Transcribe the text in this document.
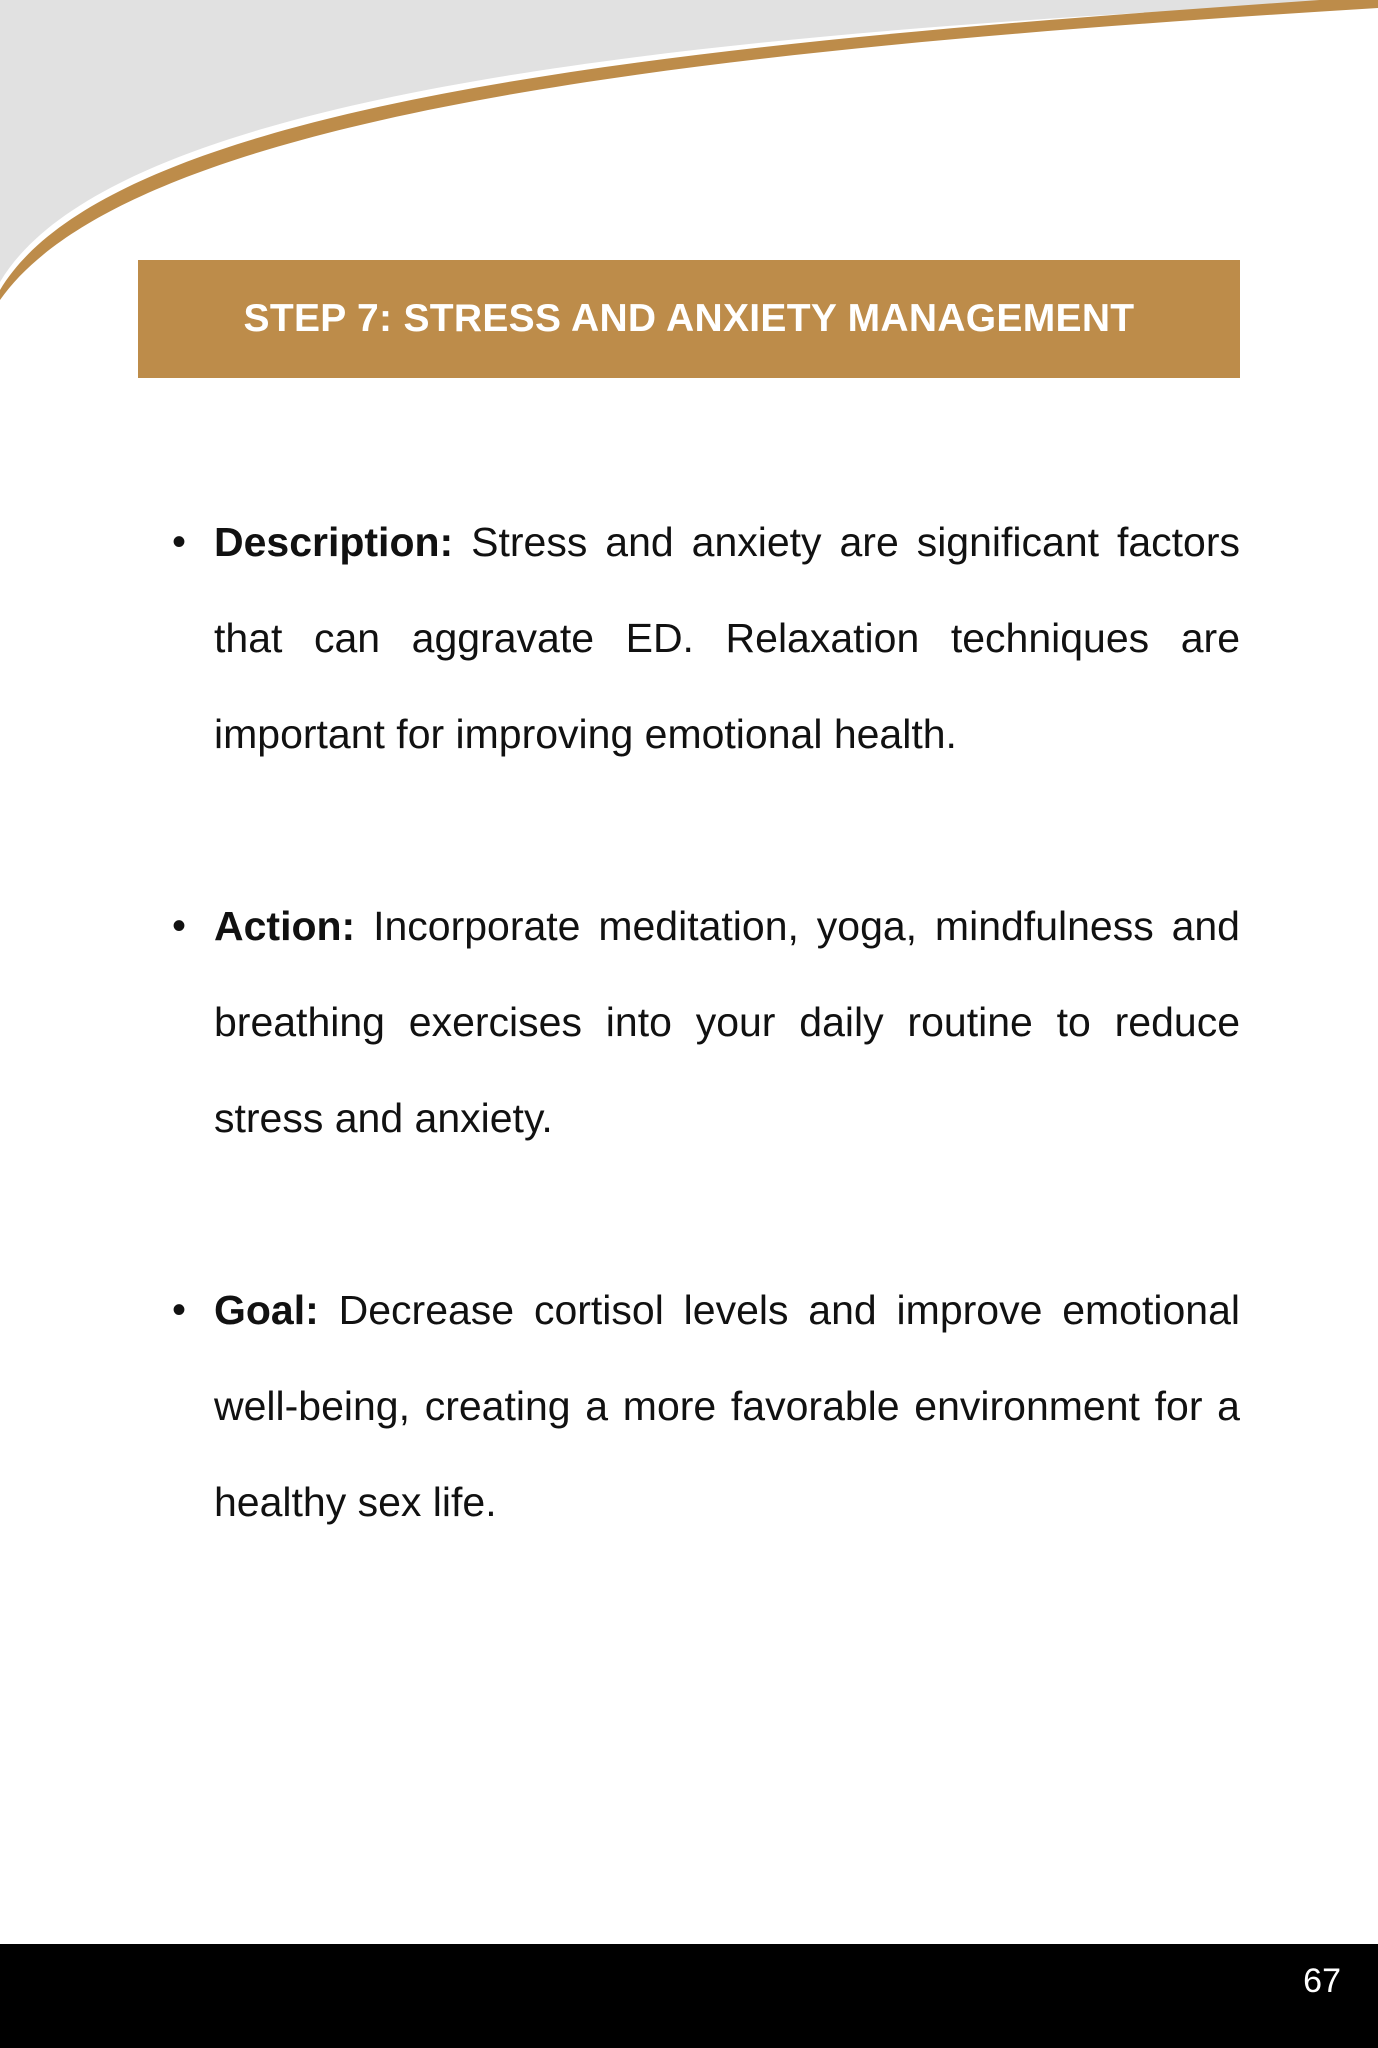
STEP 7: STRESS AND ANXIETY MANAGEMENT
• Description: Stress and anxiety are significant factors that can aggravate ED. Relaxation techniques are important for improving emotional health.
• Action: Incorporate meditation, yoga, mindfulness and breathing exercises into your daily routine to reduce stress and anxiety.
• Goal: Decrease cortisol levels and improve emotional well-being, creating a more favorable environment for a healthy sex life.
67
